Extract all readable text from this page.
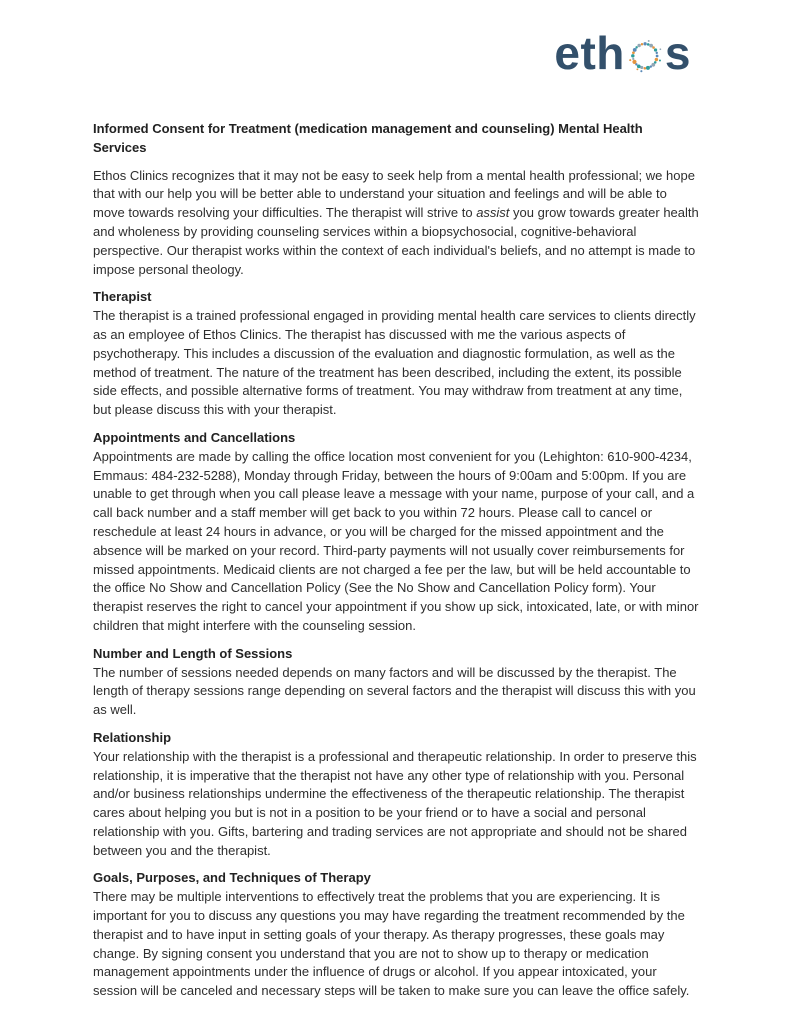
eth s
Informed Consent for Treatment (medication management and counseling) Mental Health Services

Ethos Clinics recognizes that it may not be easy to seek help from a mental health professional; we hope that with our help you will be better able to understand your situation and feelings and will be able to move towards resolving your difficulties. The therapist will strive to assist you grow towards greater health and wholeness by providing counseling services within a biopsychosocial, cognitive-behavioral perspective. Our therapist works within the context of each individual's beliefs, and no attempt is made to impose personal theology.

Therapist

The therapist is a trained professional engaged in providing mental health care services to clients directly as an employee of Ethos Clinics. The therapist has discussed with me the various aspects of psychotherapy. This includes a discussion of the evaluation and diagnostic formulation, as well as the method of treatment. The nature of the treatment has been described, including the extent, its possible side effects, and possible alternative forms of treatment. You may withdraw from treatment at any time, but please discuss this with your therapist.

Appointments and Cancellations

Appointments are made by calling the office location most convenient for you (Lehighton: 610-900-4234, Emmaus: 484-232-5288), Monday through Friday, between the hours of 9:00am and 5:00pm. If you are unable to get through when you call please leave a message with your name, purpose of your call, and a call back number and a staff member will get back to you within 72 hours. Please call to cancel or reschedule at least 24 hours in advance, or you will be charged for the missed appointment and the absence will be marked on your record. Third-party payments will not usually cover reimbursements for missed appointments. Medicaid clients are not charged a fee per the law, but will be held accountable to the office No Show and Cancellation Policy (See the No Show and Cancellation Policy form). Your therapist reserves the right to cancel your appointment if you show up sick, intoxicated, late, or with minor children that might interfere with the counseling session.

Number and Length of Sessions

The number of sessions needed depends on many factors and will be discussed by the therapist. The length of therapy sessions range depending on several factors and the therapist will discuss this with you as well.

Relationship

Your relationship with the therapist is a professional and therapeutic relationship. In order to preserve this relationship, it is imperative that the therapist not have any other type of relationship with you. Personal and/or business relationships undermine the effectiveness of the therapeutic relationship. The therapist cares about helping you but is not in a position to be your friend or to have a social and personal relationship with you. Gifts, bartering and trading services are not appropriate and should not be shared between you and the therapist.

Goals, Purposes, and Techniques of Therapy

There may be multiple interventions to effectively treat the problems that you are experiencing. It is important for you to discuss any questions you may have regarding the treatment recommended by the therapist and to have input in setting goals of your therapy. As therapy progresses, these goals may change. By signing consent you understand that you are not to show up to therapy or medication management appointments under the influence of drugs or alcohol. If you appear intoxicated, your session will be canceled and necessary steps will be taken to make sure you can leave the office safely.
